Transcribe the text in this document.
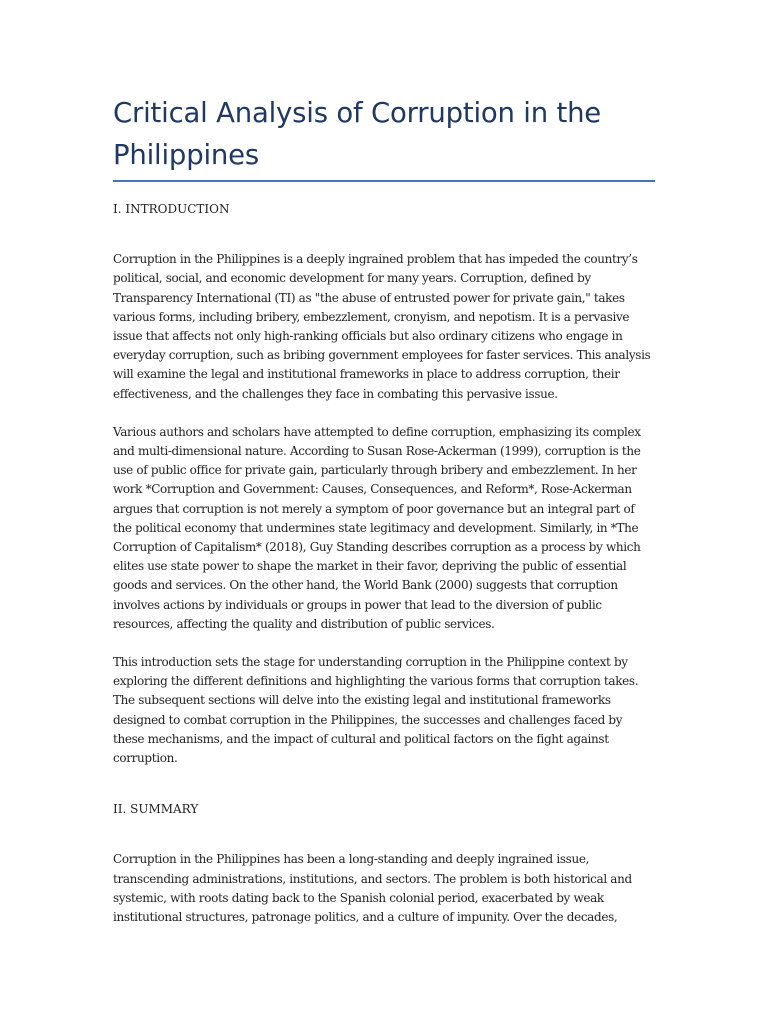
Critical Analysis of Corruption in the Philippines
I. INTRODUCTION

Corruption in the Philippines is a deeply ingrained problem that has impeded the country’s political, social, and economic development for many years. Corruption, defined by Transparency International (TI) as "the abuse of entrusted power for private gain," takes various forms, including bribery, embezzlement, cronyism, and nepotism. It is a pervasive issue that affects not only high-ranking officials but also ordinary citizens who engage in everyday corruption, such as bribing government employees for faster services. This analysis will examine the legal and institutional frameworks in place to address corruption, their effectiveness, and the challenges they face in combating this pervasive issue.

Various authors and scholars have attempted to define corruption, emphasizing its complex and multi-dimensional nature. According to Susan Rose-Ackerman (1999), corruption is the use of public office for private gain, particularly through bribery and embezzlement. In her work *Corruption and Government: Causes, Consequences, and Reform*, Rose-Ackerman argues that corruption is not merely a symptom of poor governance but an integral part of the political economy that undermines state legitimacy and development. Similarly, in *The Corruption of Capitalism* (2018), Guy Standing describes corruption as a process by which elites use state power to shape the market in their favor, depriving the public of essential goods and services. On the other hand, the World Bank (2000) suggests that corruption involves actions by individuals or groups in power that lead to the diversion of public resources, affecting the quality and distribution of public services.

This introduction sets the stage for understanding corruption in the Philippine context by exploring the different definitions and highlighting the various forms that corruption takes. The subsequent sections will delve into the existing legal and institutional frameworks designed to combat corruption in the Philippines, the successes and challenges faced by these mechanisms, and the impact of cultural and political factors on the fight against corruption.

II. SUMMARY

Corruption in the Philippines has been a long-standing and deeply ingrained issue, transcending administrations, institutions, and sectors. The problem is both historical and systemic, with roots dating back to the Spanish colonial period, exacerbated by weak institutional structures, patronage politics, and a culture of impunity. Over the decades,
